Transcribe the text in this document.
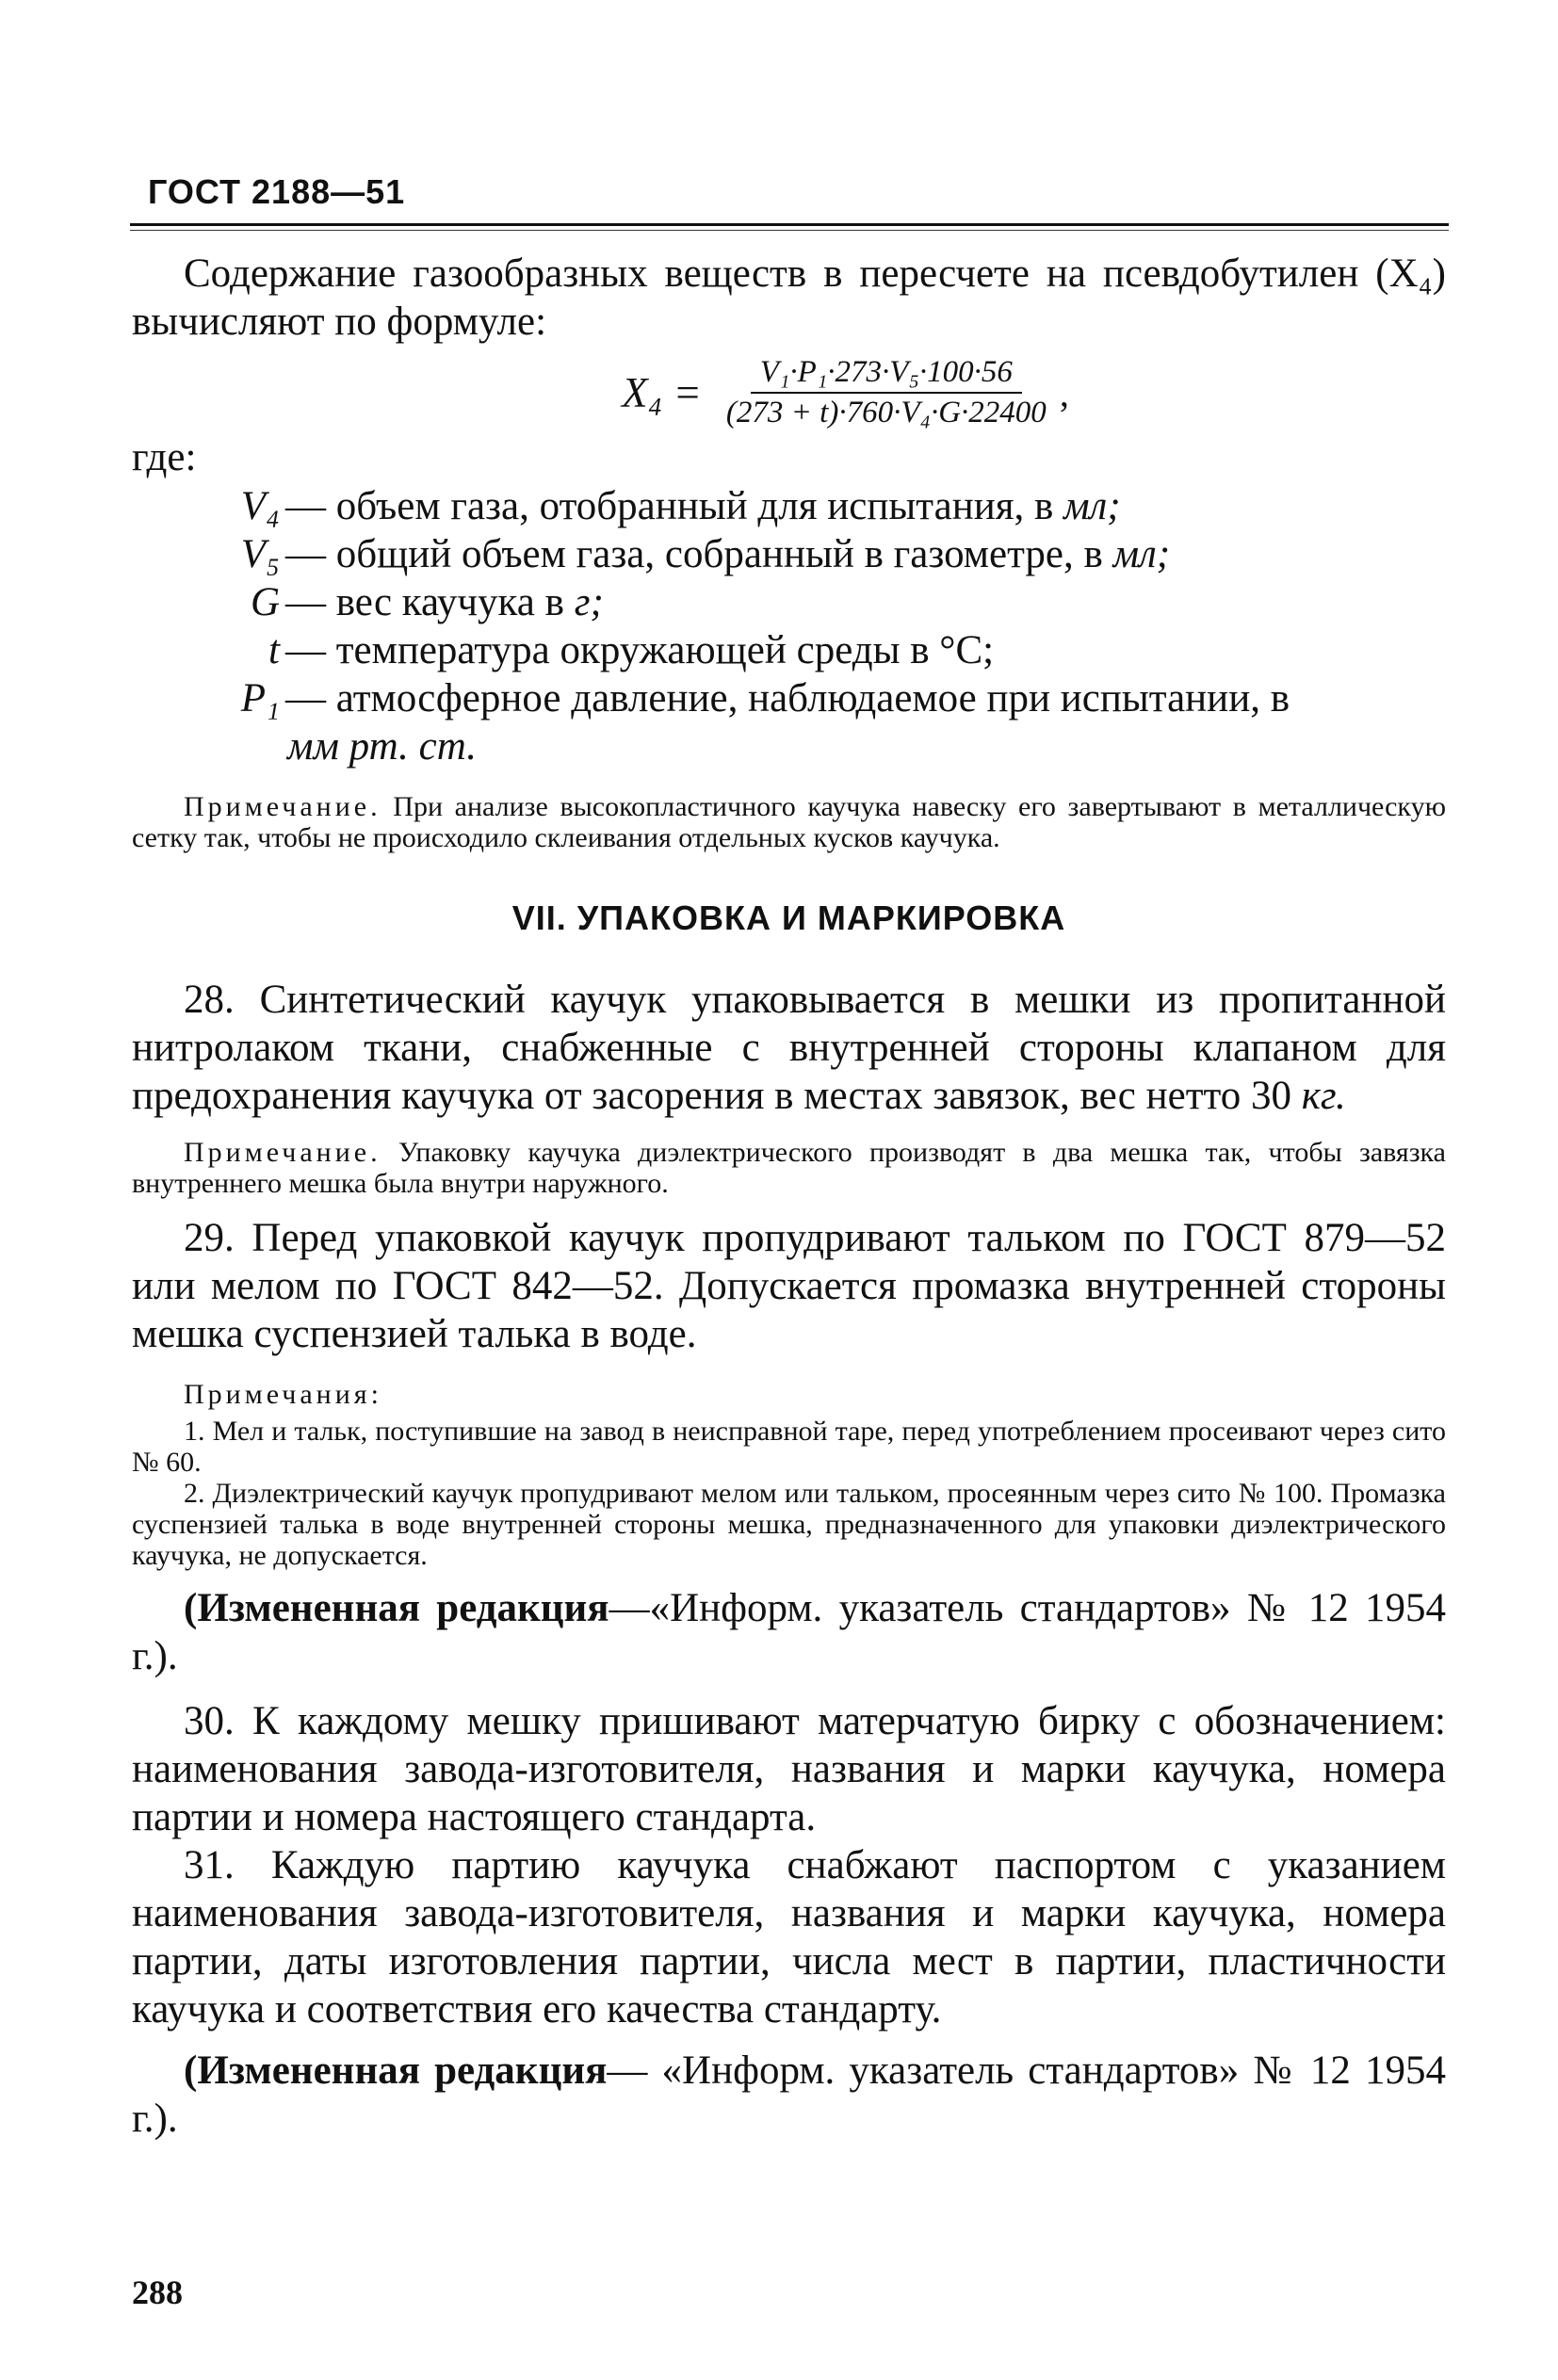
ГОСТ 2188—51

Содержание газообразных веществ в пересчете на псевдобутилен (X₄) вычисляют по формуле:

$X_4 = \frac{\text{V₁·P₁·273·V₅·100·56}}{\text{(273 + t)·760·V₄·G·22400}}$ ,

где:

V₄ — объем газа, отобранный для испытания, в мл;
V₅ — общий объем газа, собранный в газометре, в мл;
G — вес каучука в г;
t — температура окружающей среды в °С;
P₁ — атмосферное давление, наблюдаемое при испытании, в
мм рт. ст.

Примечание. При анализе высокопластичного каучука навеску его завертывают в металлическую сетку так, чтобы не происходило склеивания отдельных кусков каучука.

VII. УПАКОВКА И МАРКИРОВКА

28. Синтетический каучук упаковывается в мешки из пропитанной нитролаком ткани, снабженные с внутренней стороны клапаном для предохранения каучука от засорения в местах завязок, вес нетто 30 кг.

Примечание. Упаковку каучука диэлектрического производят в два мешка так, чтобы завязка внутреннего мешка была внутри наружного.

29. Перед упаковкой каучук пропудривают тальком по ГОСТ 879—52 или мелом по ГОСТ 842—52. Допускается промазка внутренней стороны мешка суспензией талька в воде.

Примечания:

1. Мел и тальк, поступившие на завод в неисправной таре, перед употреблением просеивают через сито № 60.

2. Диэлектрический каучук пропудривают мелом или тальком, просеянным через сито № 100. Промазка суспензией талька в воде внутренней стороны мешка, предназначенного для упаковки диэлектрического каучука, не допускается.

(Измененная редакция—«Информ. указатель стандартов» № 12 1954 г.).

30. К каждому мешку пришивают матерчатую бирку с обозначением: наименования завода-изготовителя, названия и марки каучука, номера партии и номера настоящего стандарта.

31. Каждую партию каучука снабжают паспортом с указанием наименования завода-изготовителя, названия и марки каучука, номера партии, даты изготовления партии, числа мест в партии, пластичности каучука и соответствия его качества стандарту.

(Измененная редакция— «Информ. указатель стандартов» № 12 1954 г.).

288
